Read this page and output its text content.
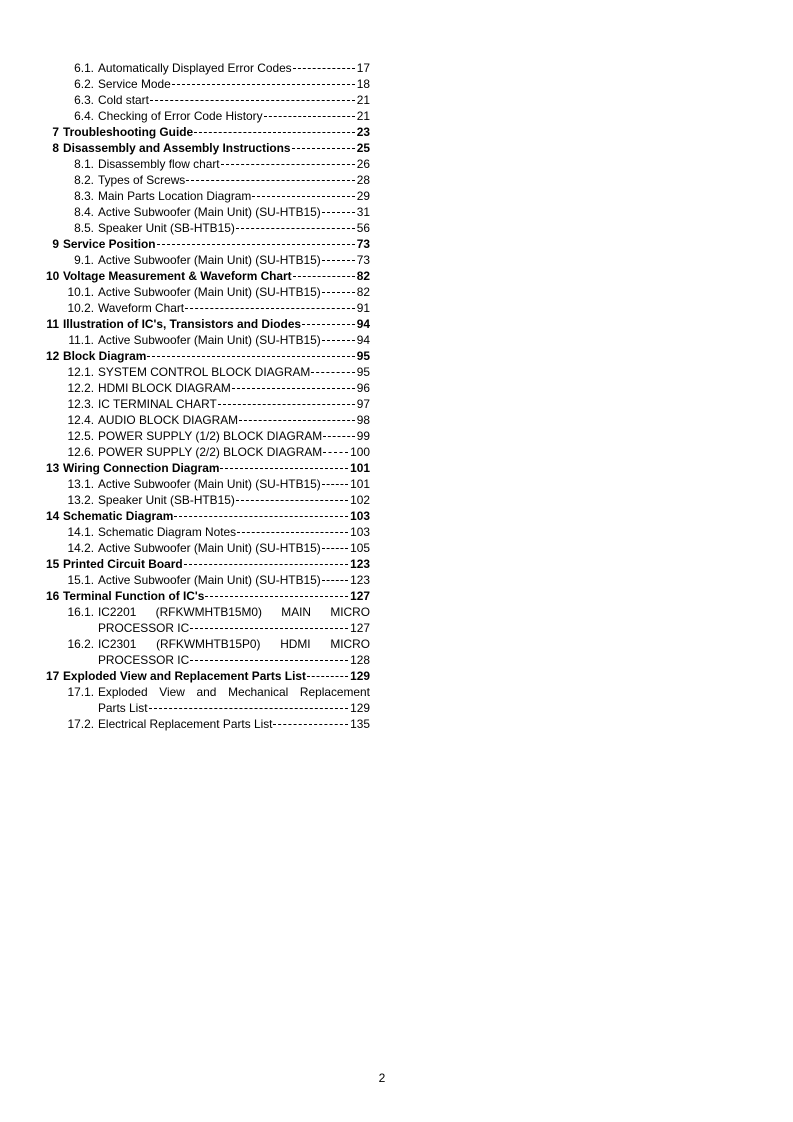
6.1. Automatically Displayed Error Codes	17
6.2. Service Mode	18
6.3. Cold start	21
6.4. Checking of Error Code History	21
7 Troubleshooting Guide	23
8 Disassembly and Assembly Instructions	25
8.1. Disassembly flow chart	26
8.2. Types of Screws	28
8.3. Main Parts Location Diagram	29
8.4. Active Subwoofer (Main Unit) (SU-HTB15)	31
8.5. Speaker Unit (SB-HTB15)	56
9 Service Position	73
9.1. Active Subwoofer (Main Unit) (SU-HTB15)	73
10 Voltage Measurement & Waveform Chart	82
10.1. Active Subwoofer (Main Unit) (SU-HTB15)	82
10.2. Waveform Chart	91
11 Illustration of IC's, Transistors and Diodes	94
11.1. Active Subwoofer (Main Unit) (SU-HTB15)	94
12 Block Diagram	95
12.1. SYSTEM CONTROL BLOCK DIAGRAM	95
12.2. HDMI BLOCK DIAGRAM	96
12.3. IC TERMINAL CHART	97
12.4. AUDIO BLOCK DIAGRAM	98
12.5. POWER SUPPLY (1/2) BLOCK DIAGRAM	99
12.6. POWER SUPPLY (2/2) BLOCK DIAGRAM 100
13 Wiring Connection Diagram	101
13.1. Active Subwoofer (Main Unit) (SU-HTB15) 101
13.2. Speaker Unit (SB-HTB15)	102
14 Schematic Diagram	103
14.1. Schematic Diagram Notes	103
14.2. Active Subwoofer (Main Unit) (SU-HTB15) 105
15 Printed Circuit Board	123
15.1. Active Subwoofer (Main Unit) (SU-HTB15) 123
16 Terminal Function of IC's	127
16.1. IC2201 (RFKWMHTB15M0) MAIN MICRO
PROCESSOR IC	127
16.2. IC2301 (RFKWMHTB15P0) HDMI MICRO
PROCESSOR IC	128
17 Exploded View and Replacement Parts List	129
17.1. Exploded View and Mechanical Replacement
Parts List	129
17.2. Electrical Replacement Parts List	135
2
